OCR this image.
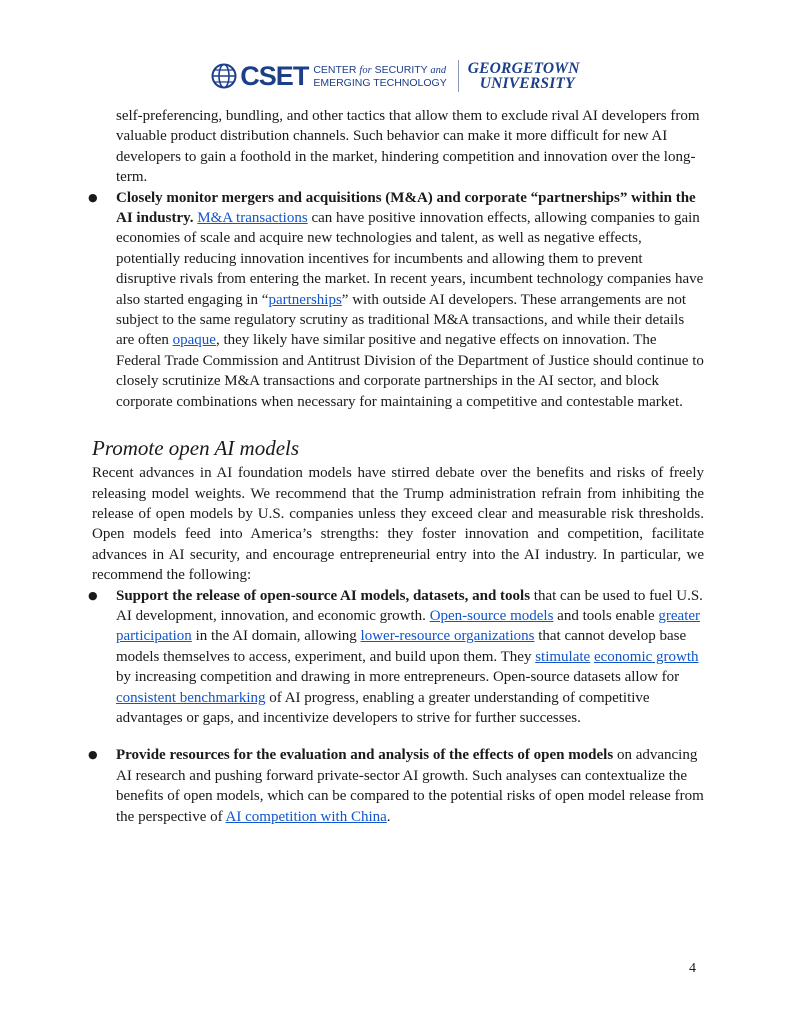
CSET CENTER for SECURITY and
EMERGING TECHNOLOGY
GEORGETOWN
UNIVERSITY

self-preferencing, bundling, and other tactics that allow them to exclude rival AI developers from valuable product distribution channels. Such behavior can make it more difficult for new AI developers to gain a foothold in the market, hindering competition and innovation over the long-term.

● Closely monitor mergers and acquisitions (M&A) and corporate “partnerships” within the AI industry. M&A transactions can have positive innovation effects, allowing companies to gain economies of scale and acquire new technologies and talent, as well as negative effects, potentially reducing innovation incentives for incumbents and allowing them to prevent disruptive rivals from entering the market. In recent years, incumbent technology companies have also started engaging in “partnerships” with outside AI developers. These arrangements are not subject to the same regulatory scrutiny as traditional M&A transactions, and while their details are often opaque, they likely have similar positive and negative effects on innovation. The Federal Trade Commission and Antitrust Division of the Department of Justice should continue to closely scrutinize M&A transactions and corporate partnerships in the AI sector, and block corporate combinations when necessary for maintaining a competitive and contestable market.
Promote open AI models

Recent advances in AI foundation models have stirred debate over the benefits and risks of freely releasing model weights. We recommend that the Trump administration refrain from inhibiting the release of open models by U.S. companies unless they exceed clear and measurable risk thresholds. Open models feed into America’s strengths: they foster innovation and competition, facilitate advances in AI security, and encourage entrepreneurial entry into the AI industry. In particular, we recommend the following:

● Support the release of open-source AI models, datasets, and tools that can be used to fuel U.S. AI development, innovation, and economic growth. Open-source models and tools enable greater participation in the AI domain, allowing lower-resource organizations that cannot develop base models themselves to access, experiment, and build upon them. They stimulate economic growth by increasing competition and drawing in more entrepreneurs. Open-source datasets allow for consistent benchmarking of AI progress, enabling a greater understanding of competitive advantages or gaps, and incentivize developers to strive for further successes.
● Provide resources for the evaluation and analysis of the effects of open models on advancing AI research and pushing forward private-sector AI growth. Such analyses can contextualize the benefits of open models, which can be compared to the potential risks of open model release from the perspective of AI competition with China.
4
